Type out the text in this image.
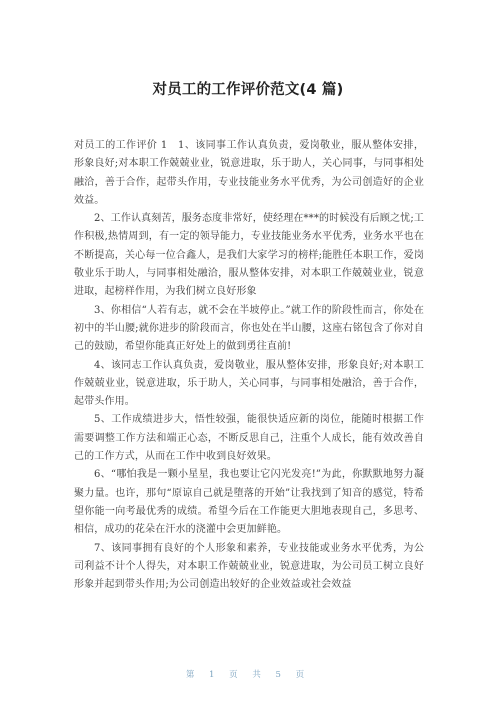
对员工的工作评价范文(4 篇)

对员工的工作评价 1　1、该同事工作认真负责，爱岗敬业，服从整体安排，形象良好;对本职工作兢兢业业，锐意进取，乐于助人，关心同事，与同事相处融洽，善于合作，起带头作用，专业技能业务水平优秀，为公司创造好的企业效益。

2、工作认真刻苦，服务态度非常好，使经理在***的时候没有后顾之忧;工作积极,热情周到，有一定的领导能力，专业技能业务水平优秀，业务水平也在不断提高，关心每一位合鑫人，是我们大家学习的榜样;能胜任本职工作，爱岗敬业乐于助人，与同事相处融洽，服从整体安排，对本职工作兢兢业业，锐意进取，起榜样作用，为我们树立良好形象

3、你相信“人若有志，就不会在半坡停止。”就工作的阶段性而言，你处在初中的半山腰;就你进步的阶段而言，你也处在半山腰，这座右铭包含了你对自己的鼓励，希望你能真正好处上的做到勇往直前!

4、该同志工作认真负责，爱岗敬业，服从整体安排，形象良好;对本职工作兢兢业业，锐意进取，乐于助人，关心同事，与同事相处融洽，善于合作，起带头作用。

5、工作成绩进步大，悟性较强，能很快适应新的岗位，能随时根据工作需要调整工作方法和端正心态，不断反思自己，注重个人成长，能有效改善自己的工作方式，从而在工作中收到良好效果。

6、“哪怕我是一颗小星星，我也要让它闪光发亮!”为此，你默默地努力凝聚力量。也许，那句“原谅自己就是堕落的开始”让我找到了知音的感觉，特希望你能一向考最优秀的成绩。希望今后在工作能更大胆地表现自己，多思考、相信，成功的花朵在汗水的浇灌中会更加鲜艳。

7、该同事拥有良好的个人形象和素养，专业技能或业务水平优秀，为公司利益不计个人得失，对本职工作兢兢业业，锐意进取，为公司员工树立良好形象并起到带头作用;为公司创造出较好的企业效益或社会效益

第 1 页 共 5 页
